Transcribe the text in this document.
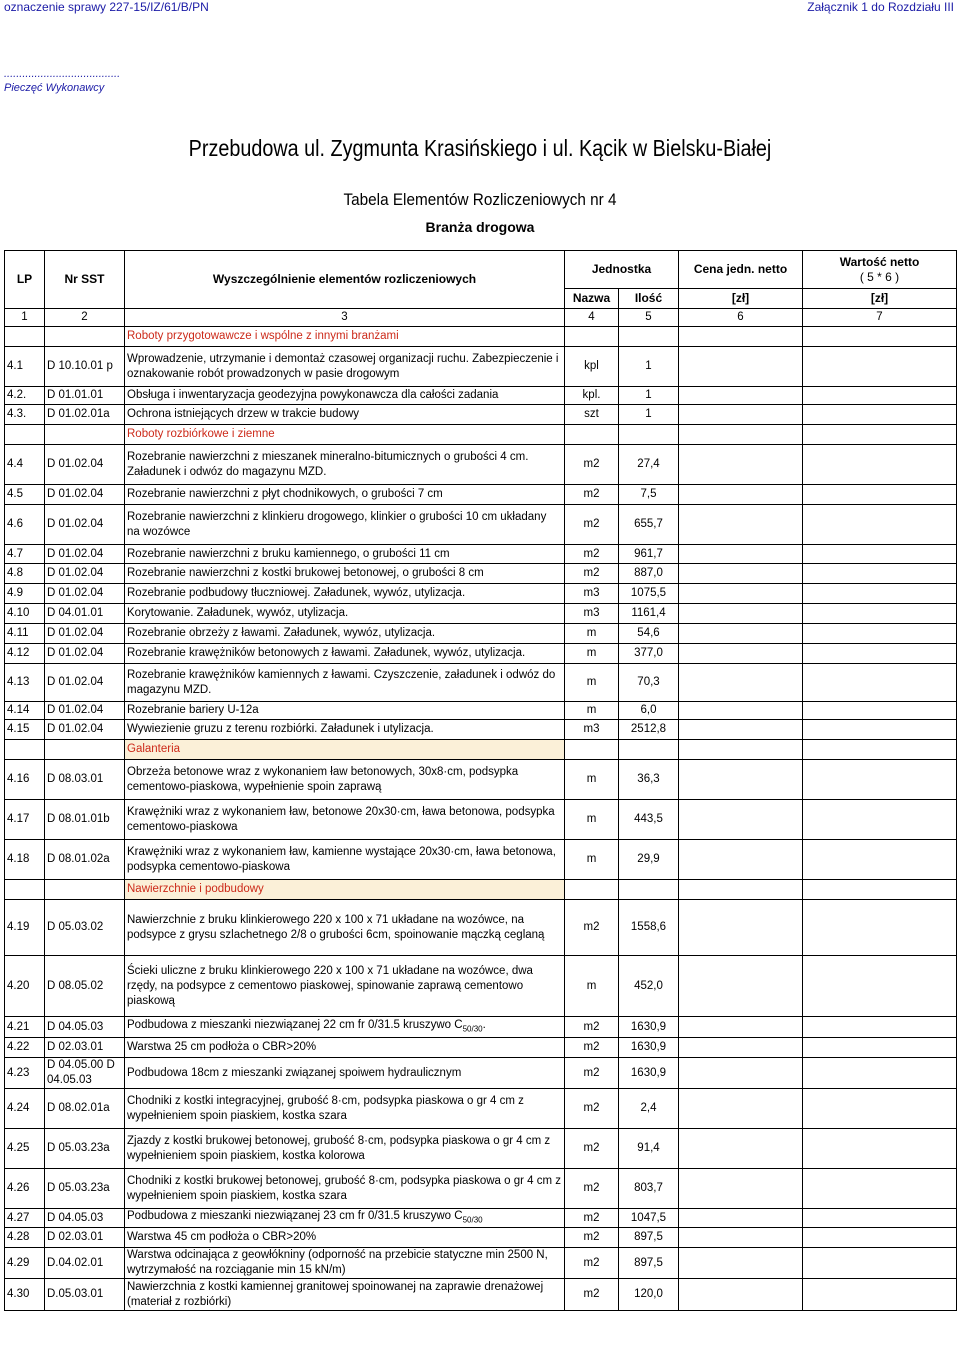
oznaczenie sprawy 227-15/IZ/61/B/PN	Załącznik 1 do Rozdziału III
......................................
Pieczęć Wykonawcy
Przebudowa ul. Zygmunta Krasińskiego i ul. Kącik w Bielsku-Białej
Tabela Elementów Rozliczeniowych nr 4
Branża drogowa
LP	Nr SST	Wyszczególnienie elementów rozliczeniowych	Jednostka		Cena jedn. netto	Wartość netto
( 5 * 6 )

			Nazwa	Ilość	[zł]	[zł]
1	2	3	4	5	6	7
		Roboty przygotowawcze i wspólne z innymi branżami				
4.1	D 10.10.01 p	Wprowadzenie, utrzymanie i demontaż czasowej organizacji ruchu. Zabezpieczenie i oznakowanie robót prowadzonych w pasie drogowym	kpl	1		
4.2.	D 01.01.01	Obsługa i inwentaryzacja geodezyjna powykonawcza dla całości zadania	kpl.	1		
4.3.	D 01.02.01a	Ochrona istniejących drzew w trakcie budowy	szt	1		
		Roboty rozbiórkowe i ziemne				
4.4	D 01.02.04	Rozebranie nawierzchni z mieszanek mineralno-bitumicznych o grubości 4 cm. Załadunek i odwóz do magazynu MZD.	m2	27,4		
4.5	D 01.02.04	Rozebranie nawierzchni z płyt chodnikowych, o grubości 7 cm	m2	7,5		
4.6	D 01.02.04	Rozebranie nawierzchni z klinkieru drogowego, klinkier o grubości 10 cm układany na wozówce	m2	655,7		
4.7	D 01.02.04	Rozebranie nawierzchni z bruku kamiennego, o grubości 11 cm	m2	961,7		
4.8	D 01.02.04	Rozebranie nawierzchni z kostki brukowej betonowej, o grubości 8 cm	m2	887,0		
4.9	D 01.02.04	Rozebranie podbudowy tłuczniowej. Załadunek, wywóz, utylizacja.	m3	1075,5		
4.10	D 04.01.01	Korytowanie. Załadunek, wywóz, utylizacja.	m3	1161,4		
4.11	D 01.02.04	Rozebranie obrzeży z ławami. Załadunek, wywóz, utylizacja.	m	54,6		
4.12	D 01.02.04	Rozebranie krawężników betonowych z ławami. Załadunek, wywóz, utylizacja.	m	377,0		
4.13	D 01.02.04	Rozebranie krawężników kamiennych z ławami. Czyszczenie, załadunek i odwóz do magazynu MZD.	m	70,3		
4.14	D 01.02.04	Rozebranie bariery U-12a	m	6,0		
4.15	D 01.02.04	Wywiezienie gruzu z terenu rozbiórki. Załadunek i utylizacja.	m3	2512,8		
		Galanteria				
4.16	D 08.03.01	Obrzeża betonowe wraz z wykonaniem ław betonowych, 30x8·cm, podsypka cementowo-piaskowa, wypełnienie spoin zaprawą	m	36,3		
4.17	D 08.01.01b	Krawężniki wraz z wykonaniem ław, betonowe 20x30·cm, ława betonowa, podsypka cementowo-piaskowa	m	443,5		
4.18	D 08.01.02a	Krawężniki wraz z wykonaniem ław, kamienne wystające 20x30·cm, ława betonowa, podsypka cementowo-piaskowa	m	29,9		
		Nawierzchnie i podbudowy				
4.19	D 05.03.02	Nawierzchnie z bruku klinkierowego 220 x 100 x 71 układane na wozówce, na podsypce z grysu szlachetnego 2/8 o grubości 6cm, spoinowanie mączką ceglaną	m2	1558,6		
4.20	D 08.05.02	Ścieki uliczne z bruku klinkierowego 220 x 100 x 71 układane na wozówce, dwa rzędy, na podsypce z cementowo piaskowej, spinowanie zaprawą cementowo piaskową	m	452,0		
4.21	D 04.05.03	Podbudowa z mieszanki niezwiązanej 22 cm fr 0/31.5 kruszywo $C_{50/30}$.	m2	1630,9		
4.22	D 02.03.01	Warstwa 25 cm podłoża o CBR>20%	m2	1630,9		
4.23	D 04.05.00 D 04.05.03	Podbudowa 18cm z mieszanki związanej spoiwem hydraulicznym	m2	1630,9		
4.24	D 08.02.01a	Chodniki z kostki integracyjnej, grubość 8·cm, podsypka piaskowa o gr 4 cm z wypełnieniem spoin piaskiem, kostka szara	m2	2,4		
4.25	D 05.03.23a	Zjazdy z kostki brukowej betonowej, grubość 8·cm, podsypka piaskowa o gr 4 cm z wypełnieniem spoin piaskiem, kostka kolorowa	m2	91,4		
4.26	D 05.03.23a	Chodniki z kostki brukowej betonowej, grubość 8·cm, podsypka piaskowa o gr 4 cm z wypełnieniem spoin piaskiem, kostka szara	m2	803,7		
4.27	D 04.05.03	Podbudowa z mieszanki niezwiązanej 23 cm fr 0/31.5 kruszywo $C_{50/30}$	m2	1047,5		
4.28	D 02.03.01	Warstwa 45 cm podłoża o CBR>20%	m2	897,5		
4.29	D.04.02.01	Warstwa odcinająca z geowłókniny (odporność na przebicie statyczne min 2500 N, wytrzymałość na rozciąganie min 15 kN/m)	m2	897,5		
4.30	D.05.03.01	Nawierzchnia z kostki kamiennej granitowej spoinowanej na zaprawie drenażowej (materiał z rozbiórki)	m2	120,0		
